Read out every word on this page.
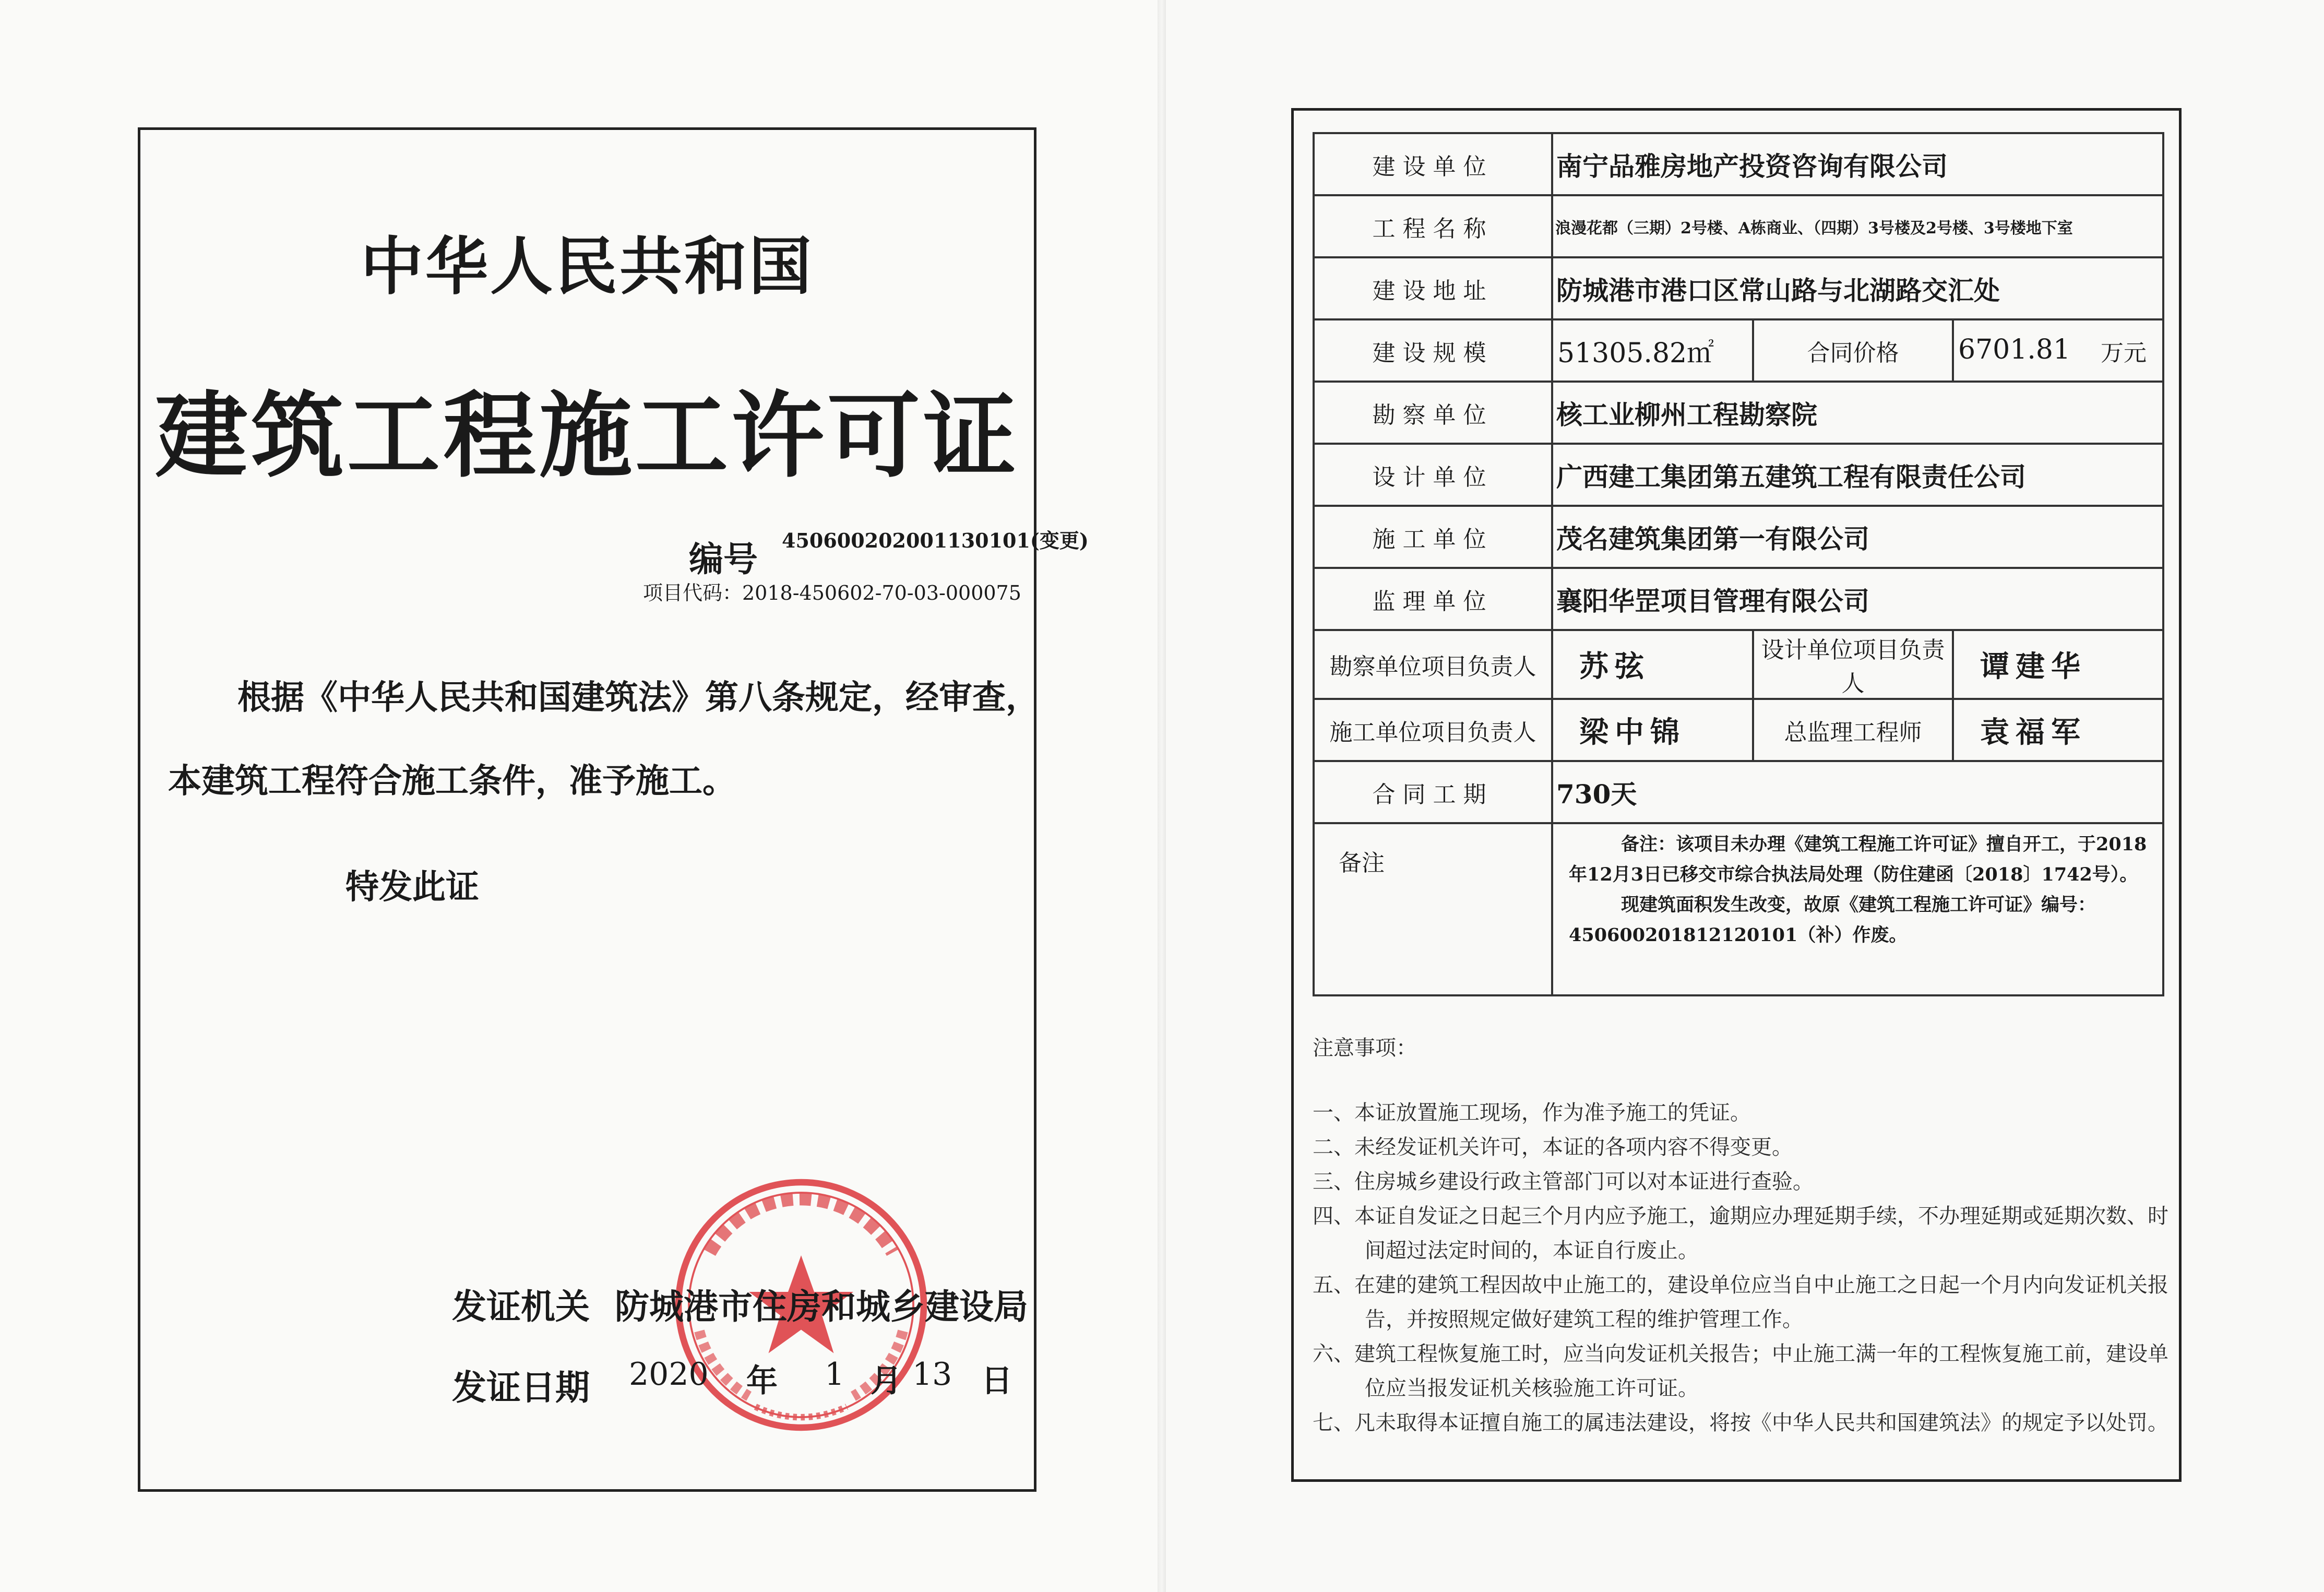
中华人民共和国
建筑工程施工许可证
编号 450600202001130101(变更)
项目代码：2018-450602-70-03-000075
根据《中华人民共和国建筑法》第八条规定，经审查，
本建筑工程符合施工条件，准予施工。
特发此证
发证机关 防城港市住房和城乡建设局
发证日期 2020 年 1 月 13 日
建设单位	南宁品雅房地产投资咨询有限公司		
工程名称	浪漫花都（三期）2号楼、A栋商业、（四期）3号楼及2号楼、3号楼地下室		
建设地址	防城港市港口区常山路与北湖路交汇处		
建设规模	51305.82㎡	合同价格	6701.81 万元

勘察单位	核工业柳州工程勘察院		
设计单位	广西建工集团第五建筑工程有限责任公司		
施工单位	茂名建筑集团第一有限公司		
监理单位	襄阳华罡项目管理有限公司		
勘察单位项目负责人	苏弦	设计单位项目负责人	谭建华
施工单位项目负责人	梁中锦	总监理工程师	袁福军
合同工期	730天		
备注	备注：该项目未办理《建筑工程施工许可证》擅自开工，于2018年12月3日已移交市综合执法局处理（防住建函〔2018〕1742号）。

现建筑面积发生改变，故原《建筑工程施工许可证》编号：450600201812120101（补）作废。		

注意事项：
一、本证放置施工现场，作为准予施工的凭证。
二、未经发证机关许可，本证的各项内容不得变更。
三、住房城乡建设行政主管部门可以对本证进行查验。
四、本证自发证之日起三个月内应予施工，逾期应办理延期手续，不办理延期或延期次数、时间超过法定时间的，本证自行废止。
五、在建的建筑工程因故中止施工的，建设单位应当自中止施工之日起一个月内向发证机关报告，并按照规定做好建筑工程的维护管理工作。
六、建筑工程恢复施工时，应当向发证机关报告；中止施工满一年的工程恢复施工前，建设单位应当报发证机关核验施工许可证。
七、凡未取得本证擅自施工的属违法建设，将按《中华人民共和国建筑法》的规定予以处罚。
